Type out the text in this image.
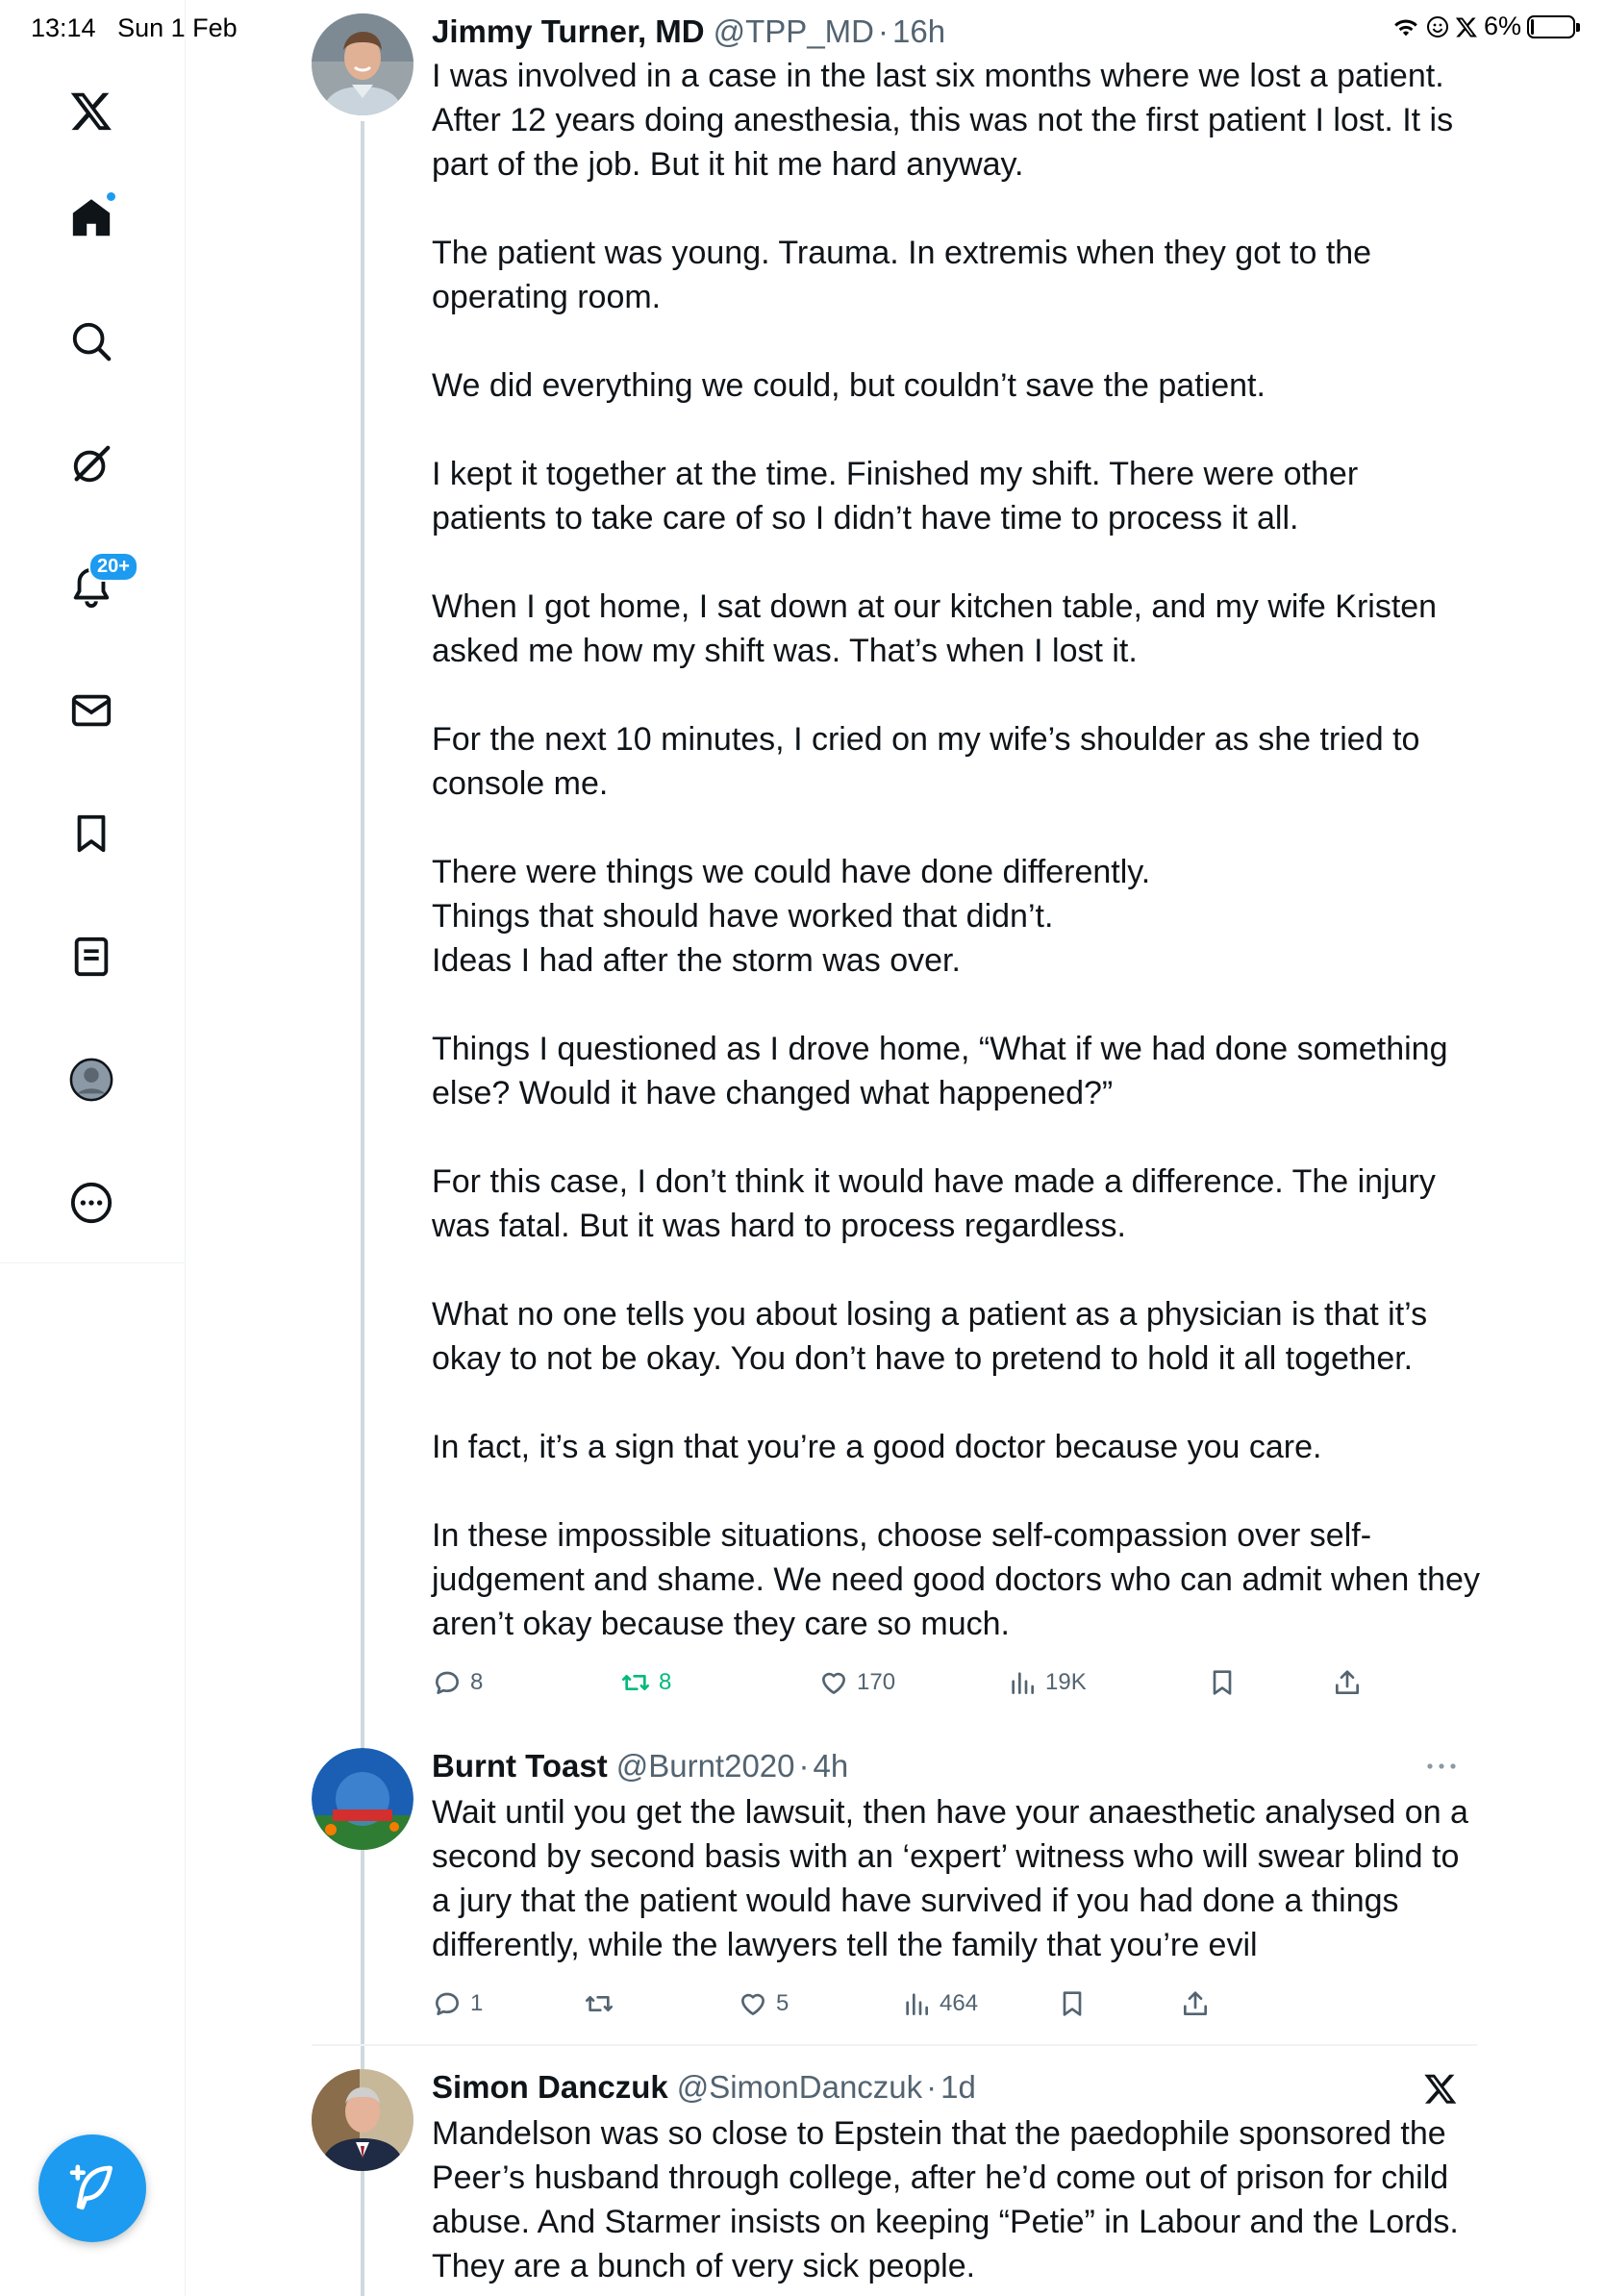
13:14 Sun 1 Feb	6%
20+
Jimmy Turner, MD @TPP_MD · 16h
I was involved in a case in the last six months where we lost a patient. After 12 years doing anesthesia, this was not the first patient I lost. It is part of the job. But it hit me hard anyway.

The patient was young. Trauma. In extremis when they got to the operating room.

We did everything we could, but couldn’t save the patient.

I kept it together at the time. Finished my shift. There were other patients to take care of so I didn’t have time to process it all.

When I got home, I sat down at our kitchen table, and my wife Kristen asked me how my shift was. That’s when I lost it.

For the next 10 minutes, I cried on my wife’s shoulder as she tried to console me.

There were things we could have done differently.
Things that should have worked that didn’t.
Ideas I had after the storm was over.

Things I questioned as I drove home, “What if we had done something else? Would it have changed what happened?”

For this case, I don’t think it would have made a difference. The injury was fatal. But it was hard to process regardless.

What no one tells you about losing a patient as a physician is that it’s okay to not be okay. You don’t have to pretend to hold it all together.

In fact, it’s a sign that you’re a good doctor because you care.

In these impossible situations, choose self-compassion over self-judgement and shame. We need good doctors who can admit when they aren’t okay because they care so much.
8	8	170	19K
Burnt Toast @Burnt2020 · 4h
Wait until you get the lawsuit, then have your anaesthetic analysed on a second by second basis with an ‘expert’ witness who will swear blind to a jury that the patient would have survived if you had done a things differently, while the lawyers tell the family that you’re evil
1	5	464
Simon Danczuk @SimonDanczuk · 1d
Mandelson was so close to Epstein that the paedophile sponsored the Peer’s husband through college, after he’d come out of prison for child abuse. And Starmer insists on keeping “Petie” in Labour and the Lords. They are a bunch of very sick people.
